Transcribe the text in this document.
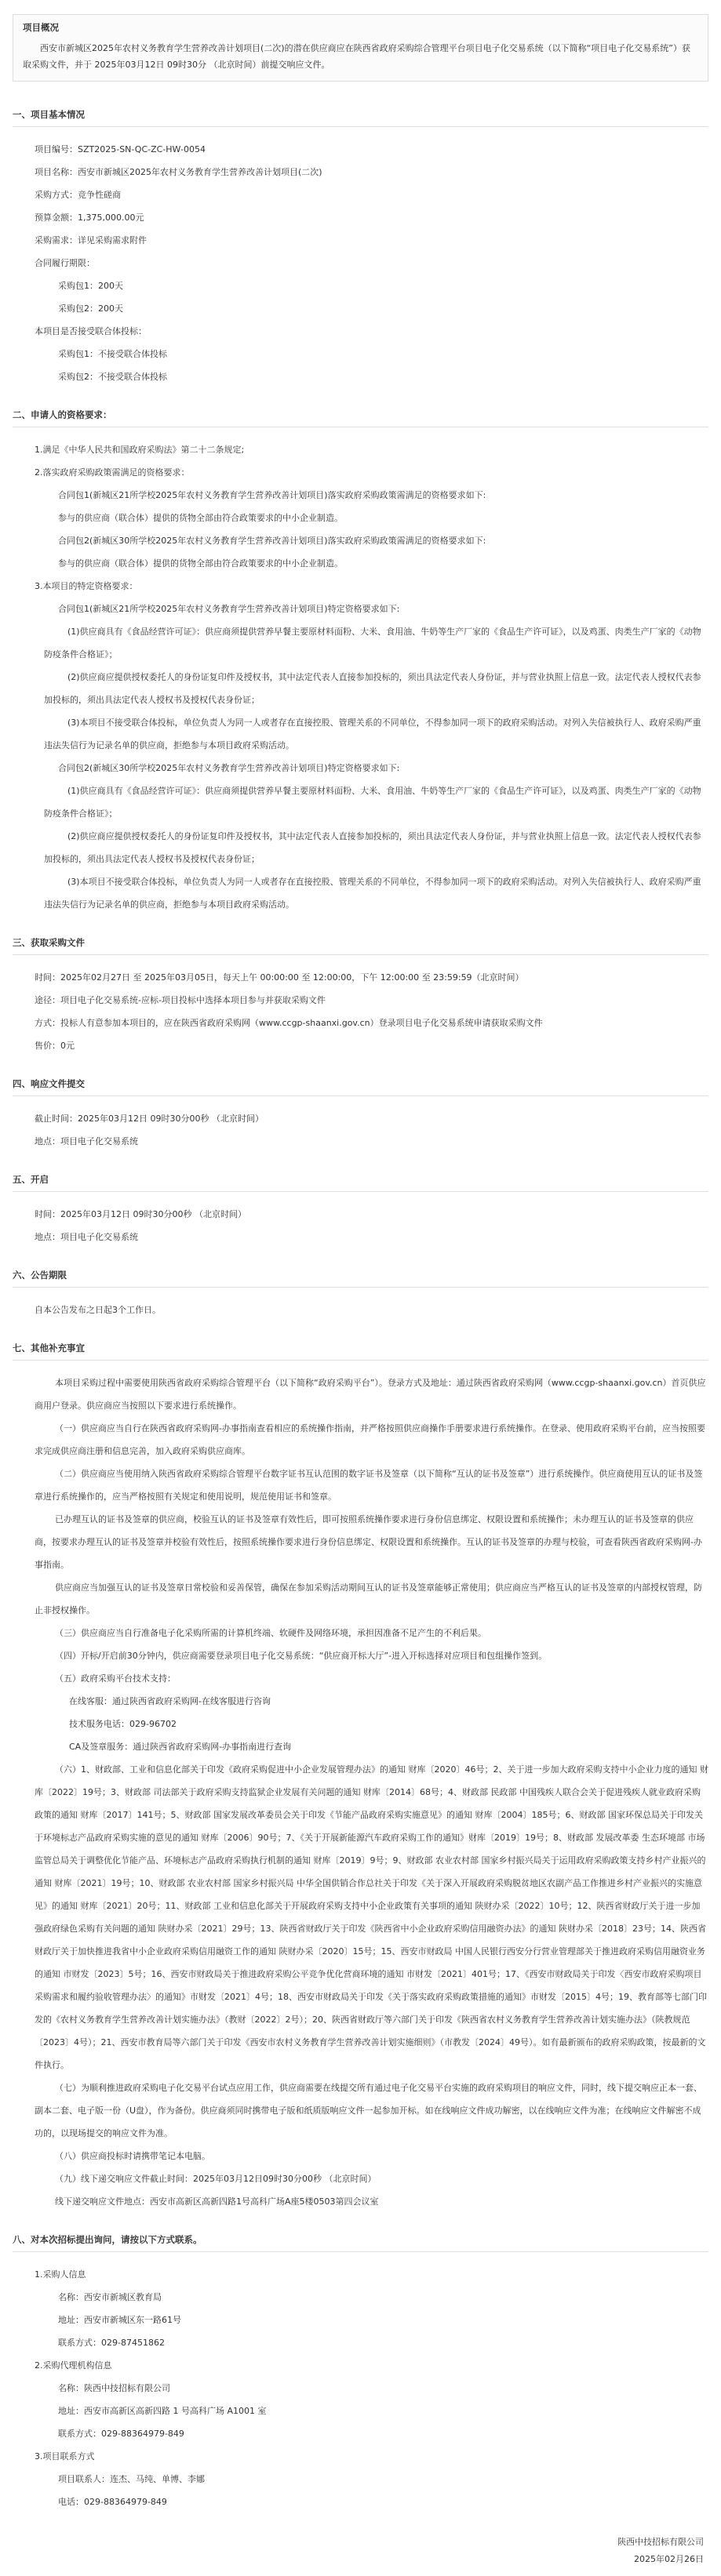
项目概况
西安市新城区2025年农村义务教育学生营养改善计划项目(二次)的潜在供应商应在陕西省政府采购综合管理平台项目电子化交易系统（以下简称“项目电子化交易系统”）获取采购文件，并于 2025年03月12日 09时30分 （北京时间）前提交响应文件。
一、项目基本情况
项目编号：SZT2025-SN-QC-ZC-HW-0054
项目名称：西安市新城区2025年农村义务教育学生营养改善计划项目(二次)
采购方式：竞争性磋商
预算金额：1,375,000.00元
采购需求：详见采购需求附件
合同履行期限：
采购包1：200天
采购包2：200天
本项目是否接受联合体投标：
采购包1：不接受联合体投标
采购包2：不接受联合体投标
二、申请人的资格要求：
1.满足《中华人民共和国政府采购法》第二十二条规定;
2.落实政府采购政策需满足的资格要求：
合同包1(新城区21所学校2025年农村义务教育学生营养改善计划项目)落实政府采购政策需满足的资格要求如下:
参与的供应商（联合体）提供的货物全部由符合政策要求的中小企业制造。
合同包2(新城区30所学校2025年农村义务教育学生营养改善计划项目)落实政府采购政策需满足的资格要求如下:
参与的供应商（联合体）提供的货物全部由符合政策要求的中小企业制造。
3.本项目的特定资格要求：
合同包1(新城区21所学校2025年农村义务教育学生营养改善计划项目)特定资格要求如下:
(1)供应商具有《食品经营许可证》：供应商须提供营养早餐主要原材料面粉、大米、食用油、牛奶等生产厂家的《食品生产许可证》，以及鸡蛋、肉类生产厂家的《动物防疫条件合格证》；
(2)供应商应提供授权委托人的身份证复印件及授权书，其中法定代表人直接参加投标的，须出具法定代表人身份证，并与营业执照上信息一致。法定代表人授权代表参加投标的，须出具法定代表人授权书及授权代表身份证；
(3)本项目不接受联合体投标，单位负责人为同一人或者存在直接控股、管理关系的不同单位，不得参加同一项下的政府采购活动。对列入失信被执行人、政府采购严重违法失信行为记录名单的供应商，拒绝参与本项目政府采购活动。
合同包2(新城区30所学校2025年农村义务教育学生营养改善计划项目)特定资格要求如下:
(1)供应商具有《食品经营许可证》：供应商须提供营养早餐主要原材料面粉、大米、食用油、牛奶等生产厂家的《食品生产许可证》，以及鸡蛋、肉类生产厂家的《动物防疫条件合格证》；
(2)供应商应提供授权委托人的身份证复印件及授权书，其中法定代表人直接参加投标的，须出具法定代表人身份证，并与营业执照上信息一致。法定代表人授权代表参加投标的，须出具法定代表人授权书及授权代表身份证；
(3)本项目不接受联合体投标，单位负责人为同一人或者存在直接控股、管理关系的不同单位，不得参加同一项下的政府采购活动。对列入失信被执行人、政府采购严重违法失信行为记录名单的供应商，拒绝参与本项目政府采购活动。
三、获取采购文件
时间：2025年02月27日 至 2025年03月05日，每天上午 00:00:00 至 12:00:00，下午 12:00:00 至 23:59:59（北京时间）
途径：项目电子化交易系统-应标-项目投标中选择本项目参与并获取采购文件
方式：投标人有意参加本项目的，应在陕西省政府采购网（www.ccgp-shaanxi.gov.cn）登录项目电子化交易系统申请获取采购文件
售价：0元
四、响应文件提交
截止时间：2025年03月12日 09时30分00秒 （北京时间）
地点：项目电子化交易系统
五、开启
时间：2025年03月12日 09时30分00秒 （北京时间）
地点：项目电子化交易系统
六、公告期限
自本公告发布之日起3个工作日。
七、其他补充事宜
本项目采购过程中需要使用陕西省政府采购综合管理平台（以下简称“政府采购平台”）。登录方式及地址：通过陕西省政府采购网（www.ccgp-shaanxi.gov.cn）首页供应商用户登录。供应商应当按照以下要求进行系统操作。
（一）供应商应当自行在陕西省政府采购网-办事指南查看相应的系统操作指南，并严格按照供应商操作手册要求进行系统操作。在登录、使用政府采购平台前，应当按照要求完成供应商注册和信息完善，加入政府采购供应商库。
（二）供应商应当使用纳入陕西省政府采购综合管理平台数字证书互认范围的数字证书及签章（以下简称“互认的证书及签章”）进行系统操作。供应商使用互认的证书及签章进行系统操作的，应当严格按照有关规定和使用说明，规范使用证书和签章。
已办理互认的证书及签章的供应商，校验互认的证书及签章有效性后，即可按照系统操作要求进行身份信息绑定、权限设置和系统操作；未办理互认的证书及签章的供应商，按要求办理互认的证书及签章并校验有效性后，按照系统操作要求进行身份信息绑定、权限设置和系统操作。互认的证书及签章的办理与校验，可查看陕西省政府采购网-办事指南。
供应商应当加强互认的证书及签章日常校验和妥善保管，确保在参加采购活动期间互认的证书及签章能够正常使用；供应商应当严格互认的证书及签章的内部授权管理，防止非授权操作。
（三）供应商应当自行准备电子化采购所需的计算机终端、软硬件及网络环境，承担因准备不足产生的不利后果。
（四）开标/开启前30分钟内，供应商需要登录项目电子化交易系统：“供应商开标大厅”-进入开标选择对应项目和包组操作签到。
（五）政府采购平台技术支持：
在线客服：通过陕西省政府采购网-在线客服进行咨询
技术服务电话：029-96702
CA及签章服务：通过陕西省政府采购网-办事指南进行查询
（六）1、财政部、工业和信息化部关于印发《政府采购促进中小企业发展管理办法》的通知 财库〔2020〕46号；2、关于进一步加大政府采购支持中小企业力度的通知 财库〔2022〕19号；3、财政部 司法部关于政府采购支持监狱企业发展有关问题的通知 财库〔2014〕68号；4、财政部 民政部 中国残疾人联合会关于促进残疾人就业政府采购政策的通知 财库〔2017〕141号；5、财政部 国家发展改革委员会关于印发《节能产品政府采购实施意见》的通知 财库〔2004〕185号；6、财政部 国家环保总局关于印发关于环境标志产品政府采购实施的意见的通知 财库〔2006〕90号；7、《关于开展新能源汽车政府采购工作的通知》财库〔2019〕19号；8、财政部 发展改革委 生态环境部 市场监管总局关于调整优化节能产品、环境标志产品政府采购执行机制的通知 财库〔2019〕9号；9、财政部 农业农村部 国家乡村振兴局关于运用政府采购政策支持乡村产业振兴的通知 财库〔2021〕19号；10、财政部 农业农村部 国家乡村振兴局 中华全国供销合作总社关于印发《关于深入开展政府采购脱贫地区农副产品工作推进乡村产业振兴的实施意见》的通知 财库〔2021〕20号；11、财政部 工业和信息化部关于开展政府采购支持中小企业政策有关事项的通知 陕财办采〔2022〕10号；12、陕西省财政厅关于进一步加强政府绿色采购有关问题的通知 陕财办采〔2021〕29号；13、陕西省财政厅关于印发《陕西省中小企业政府采购信用融资办法》的通知 陕财办采〔2018〕23号；14、陕西省财政厅关于加快推进我省中小企业政府采购信用融资工作的通知 陕财办采〔2020〕15号；15、西安市财政局 中国人民银行西安分行营业管理部关于推进政府采购信用融资业务的通知 市财发〔2023〕5号；16、西安市财政局关于推进政府采购公平竞争优化营商环境的通知 市财发〔2021〕401号；17、《西安市财政局关于印发〈西安市政府采购项目采购需求和履约验收管理办法〉的通知》市财发〔2021〕4号；18、西安市财政局关于印发《关于落实政府采购政策措施的通知》市财发〔2015〕4号；19、教育部等七部门印发的《农村义务教育学生营养改善计划实施办法》（教财〔2022〕2号）；20、陕西省财政厅等六部门关于印发《陕西省农村义务教育学生营养改善计划实施办法》（陕教规范〔2023〕4号）；21、西安市教育局等六部门关于印发《西安市农村义务教育学生营养改善计划实施细则》（市教发〔2024〕49号）。如有最新颁布的政府采购政策，按最新的文件执行。
（七）为顺利推进政府采购电子化交易平台试点应用工作，供应商需要在线提交所有通过电子化交易平台实施的政府采购项目的响应文件，同时，线下提交响应正本一套、副本二套、电子版一份（U盘），作为备份。供应商须同时携带电子版和纸质版响应文件一起参加开标。如在线响应文件成功解密，以在线响应文件为准；在线响应文件解密不成功的，以现场提交的响应文件为准。
（八）供应商投标时请携带笔记本电脑。
（九）线下递交响应文件截止时间：2025年03月12日09时30分00秒 （北京时间）
线下递交响应文件地点：西安市高新区高新四路1号高科广场A座5楼0503第四会议室
八、对本次招标提出询问，请按以下方式联系。
1.采购人信息
名称：西安市新城区教育局
地址：西安市新城区东一路61号
联系方式：029-87451862
2.采购代理机构信息
名称：陕西中技招标有限公司
地址：西安市高新区高新四路 1 号高科广场 A1001 室
联系方式：029-88364979-849
3.项目联系方式
项目联系人：连杰、马纯、单博、李娜
电话：029-88364979-849
陕西中技招标有限公司
2025年02月26日
